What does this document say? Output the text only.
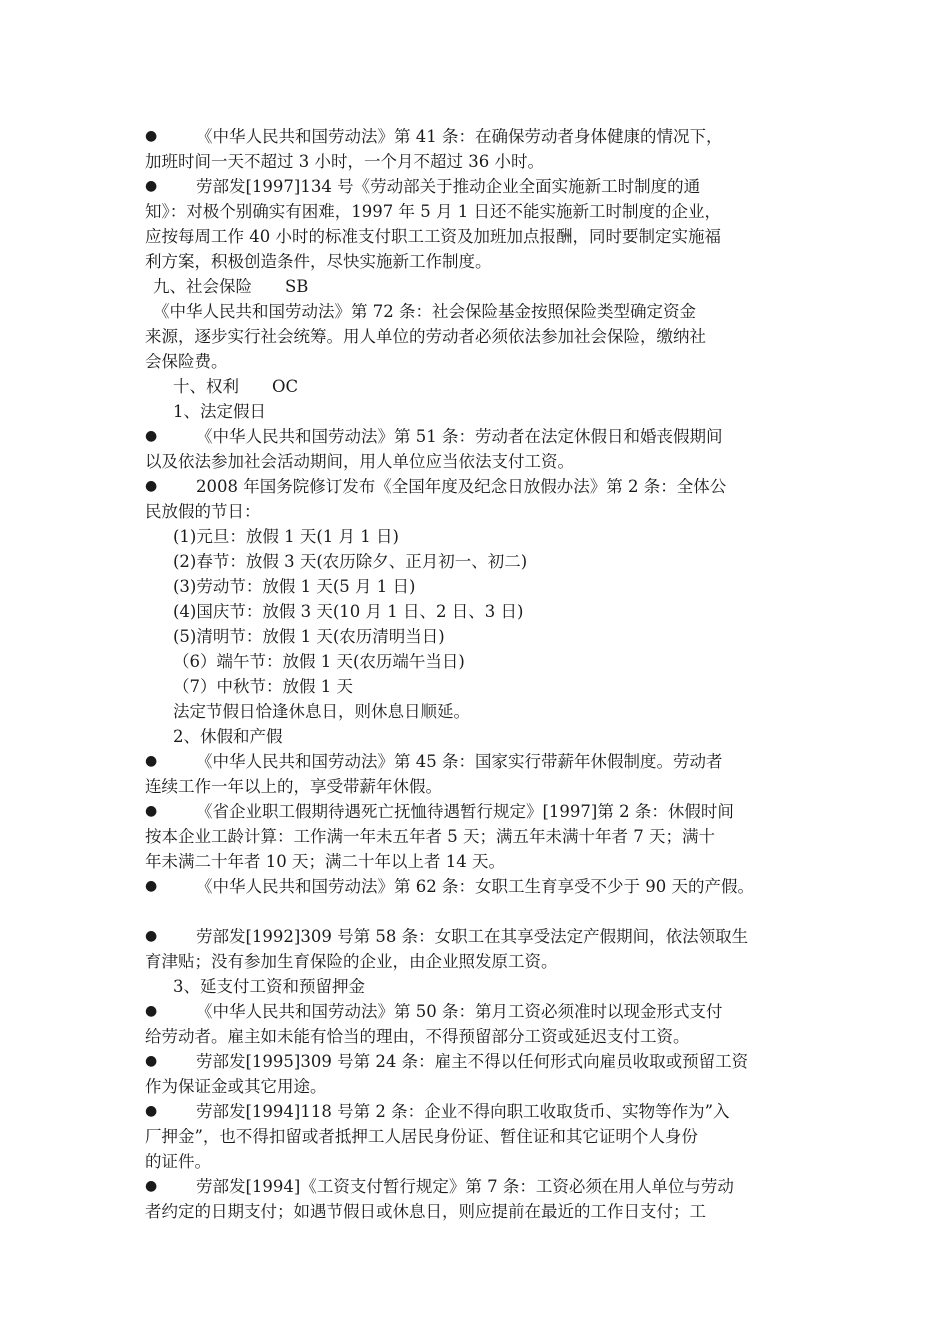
● 《中华人民共和国劳动法》第 41 条：在确保劳动者身体健康的情况下，
加班时间一天不超过 3 小时，一个月不超过 36 小时。
● 劳部发[1997]134 号《劳动部关于推动企业全面实施新工时制度的通
知》：对极个别确实有困难，1997 年 5 月 1 日还不能实施新工时制度的企业，
应按每周工作 40 小时的标准支付职工工资及加班加点报酬，同时要制定实施福
利方案，积极创造条件，尽快实施新工作制度。
九、社会保险　　SB
《中华人民共和国劳动法》第 72 条：社会保险基金按照保险类型确定资金
来源，逐步实行社会统筹。用人单位的劳动者必须依法参加社会保险，缴纳社
会保险费。
十、权利　　OC
1、法定假日
● 《中华人民共和国劳动法》第 51 条：劳动者在法定休假日和婚丧假期间
以及依法参加社会活动期间，用人单位应当依法支付工资。
● 2008 年国务院修订发布《全国年度及纪念日放假办法》第 2 条：全体公
民放假的节日：
(1)元旦：放假 1 天(1 月 1 日)
(2)春节：放假 3 天(农历除夕、正月初一、初二)
(3)劳动节：放假 1 天(5 月 1 日)
(4)国庆节：放假 3 天(10 月 1 日、2 日、3 日)
(5)清明节：放假 1 天(农历清明当日)
（6）端午节：放假 1 天(农历端午当日)
（7）中秋节：放假 1 天
法定节假日恰逢休息日，则休息日顺延。
2、休假和产假
● 《中华人民共和国劳动法》第 45 条：国家实行带薪年休假制度。劳动者
连续工作一年以上的，享受带薪年休假。
● 《省企业职工假期待遇死亡抚恤待遇暂行规定》[1997]第 2 条：休假时间
按本企业工龄计算：工作满一年未五年者 5 天；满五年未满十年者 7 天；满十
年未满二十年者 10 天；满二十年以上者 14 天。
● 《中华人民共和国劳动法》第 62 条：女职工生育享受不少于 90 天的产假。
● 劳部发[1992]309 号第 58 条：女职工在其享受法定产假期间，依法领取生
育津贴；没有参加生育保险的企业，由企业照发原工资。
3、延支付工资和预留押金
● 《中华人民共和国劳动法》第 50 条：第月工资必须准时以现金形式支付
给劳动者。雇主如未能有恰当的理由，不得预留部分工资或延迟支付工资。
● 劳部发[1995]309 号第 24 条：雇主不得以任何形式向雇员收取或预留工资
作为保证金或其它用途。
● 劳部发[1994]118 号第 2 条：企业不得向职工收取货币、实物等作为”入
厂押金”，也不得扣留或者抵押工人居民身份证、暂住证和其它证明个人身份
的证件。
● 劳部发[1994]《工资支付暂行规定》第 7 条：工资必须在用人单位与劳动
者约定的日期支付；如遇节假日或休息日，则应提前在最近的工作日支付；工
